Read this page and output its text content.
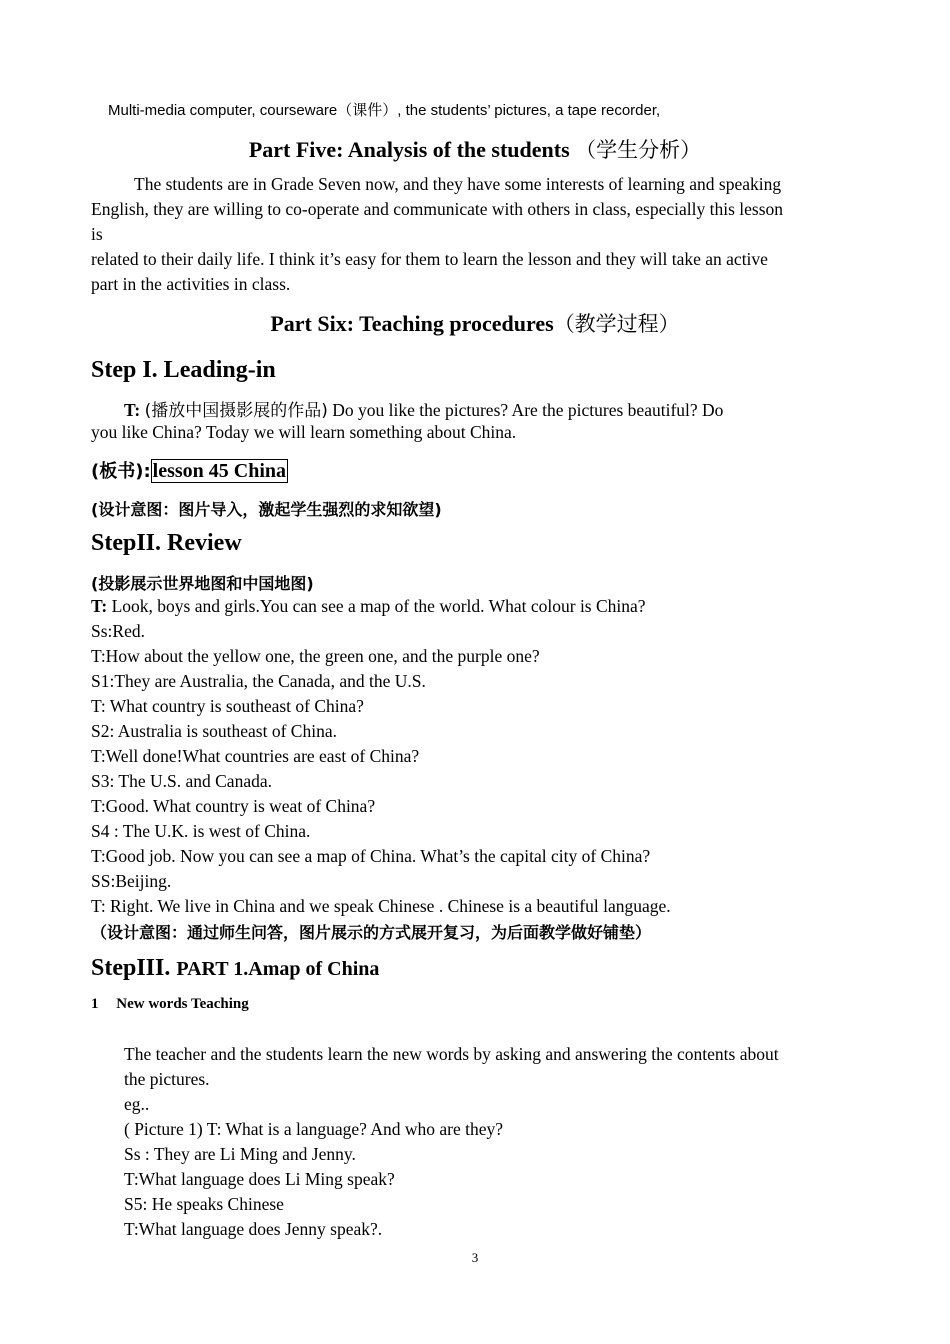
Multi-media computer, courseware（课件）, the students’ pictures, a tape recorder,
Part Five: Analysis of the students （学生分析）
The students are in Grade Seven now, and they have some interests of learning and speaking
English, they are willing to co-operate and communicate with others in class, especially this lesson
is
related to their daily life. I think it’s easy for them to learn the lesson and they will take an active
part in the activities in class.
Part Six: Teaching procedures（教学过程）
Step I. Leading-in
T: (播放中国摄影展的作品) Do you like the pictures? Are the pictures beautiful? Do
you like China? Today we will learn something about China.
(板书): lesson 45 China
(设计意图：图片导入，激起学生强烈的求知欲望)
StepII. Review
(投影展示世界地图和中国地图)
T: Look, boys and girls.You can see a map of the world. What colour is China?
Ss:Red.
T:How about the yellow one, the green one, and the purple one?
S1:They are Australia, the Canada, and the U.S.
T: What country is southeast of China?
S2: Australia is southeast of China.
T:Well done!What countries are east of China?
S3: The U.S. and Canada.
T:Good. What country is weat of China?
S4 : The U.K. is west of China.
T:Good job. Now you can see a map of China. What’s the capital city of China?
SS:Beijing.
T: Right. We live in China and we speak Chinese . Chinese is a beautiful language.
（设计意图：通过师生问答，图片展示的方式展开复习，为后面教学做好铺垫）
StepIII. PART 1.Amap of China
1 New words Teaching
The teacher and the students learn the new words by asking and answering the contents about
the pictures.
eg..
( Picture 1) T: What is a language? And who are they?
Ss : They are Li Ming and Jenny.
T:What language does Li Ming speak?
S5: He speaks Chinese
T:What language does Jenny speak?.
3
